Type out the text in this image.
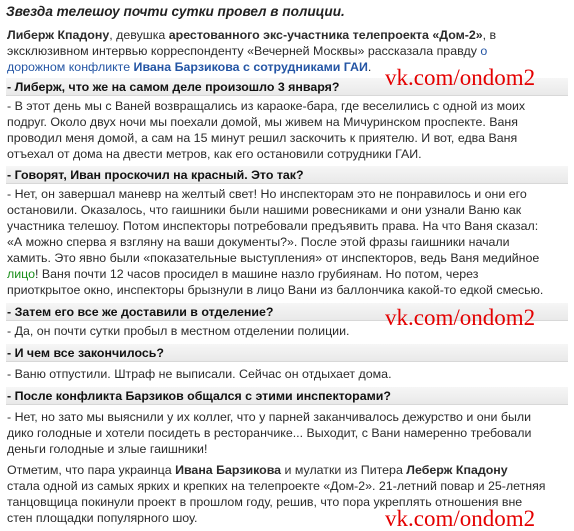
Звезда телешоу почти сутки провел в полиции.
Либерж Кпадону, девушка арестованного экс-участника телепроекта «Дом-2», в
эксклюзивном интервью корреспонденту «Вечерней Москвы» рассказала правду о
дорожном конфликте Ивана Барзикова с сотрудниками ГАИ.
- Либерж, что же на самом деле произошло 3 января?
- В этот день мы с Ваней возвращались из караоке-бара, где веселились с одной из моих
подруг. Около двух ночи мы поехали домой, мы живем на Мичуринском проспекте. Ваня
проводил меня домой, а сам на 15 минут решил заскочить к приятелю. И вот, едва Ваня
отъехал от дома на двести метров, как его остановили сотрудники ГАИ.
- Говорят, Иван проскочил на красный. Это так?
- Нет, он завершал маневр на желтый свет! Но инспекторам это не понравилось и они его
остановили. Оказалось, что гаишники были нашими ровесниками и они узнали Ваню как
участника телешоу. Потом инспекторы потребовали предъявить права. На что Ваня сказал:
«А можно сперва я взгляну на ваши документы?». После этой фразы гаишники начали
хамить. Это явно были «показательные выступления» от инспекторов, ведь Ваня медийное
лицо! Ваня почти 12 часов просидел в машине назло грубиянам. Но потом, через
приоткрытое окно, инспекторы брызнули в лицо Вани из баллончика какой-то едкой смесью.
- Затем его все же доставили в отделение?
- Да, он почти сутки пробыл в местном отделении полиции.
- И чем все закончилось?
- Ваню отпустили. Штраф не выписали. Сейчас он отдыхает дома.
- После конфликта Барзиков общался с этими инспекторами?
- Нет, но зато мы выяснили у их коллег, что у парней заканчивалось дежурство и они были
дико голодные и хотели посидеть в ресторанчике... Выходит, с Вани намеренно требовали
деньги голодные и злые гаишники!
Отметим, что пара украинца Ивана Барзикова и мулатки из Питера Леберж Кпадону
стала одной из самых ярких и крепких на телепроекте «Дом-2». 21-летний повар и 25-летняя
танцовщица покинули проект в прошлом году, решив, что пора укреплять отношения вне
стен площадки популярного шоу.
vk.com/ondom2
vk.com/ondom2
vk.com/ondom2
